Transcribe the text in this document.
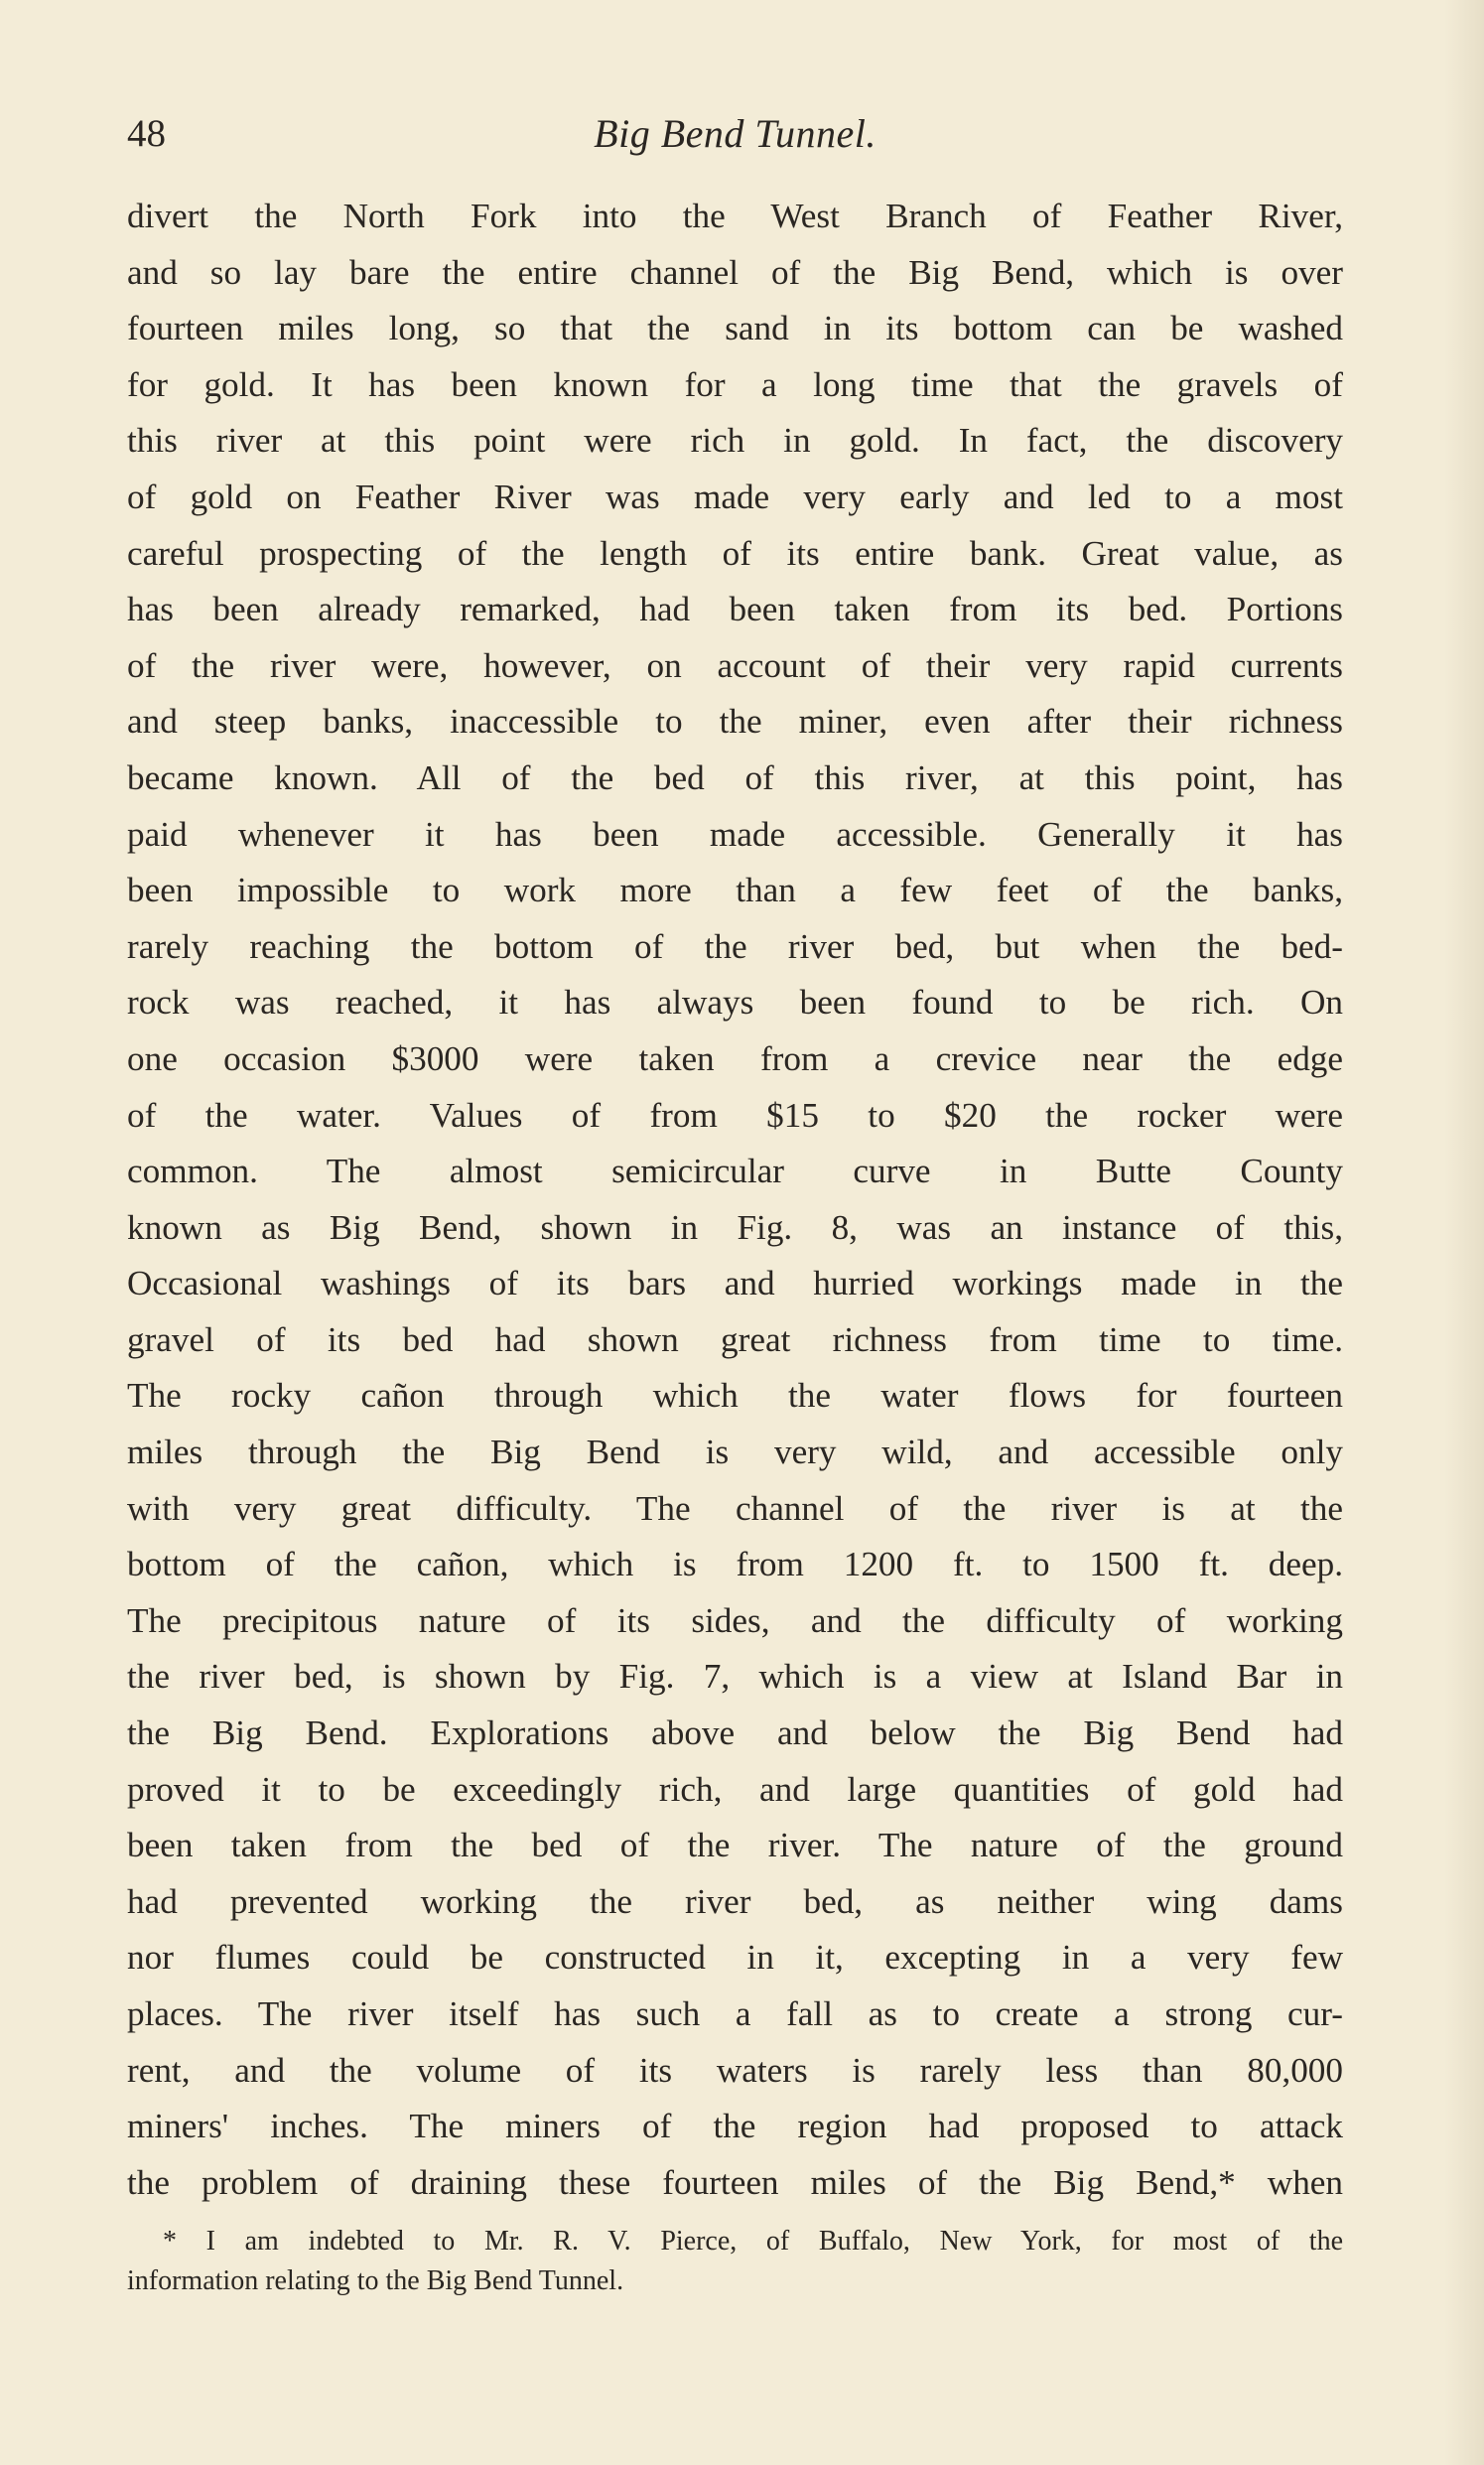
48	Big Bend Tunnel.
divert the North Fork into the West Branch of Feather River,
and so lay bare the entire channel of the Big Bend, which is over
fourteen miles long, so that the sand in its bottom can be washed
for gold. It has been known for a long time that the gravels of
this river at this point were rich in gold. In fact, the discovery
of gold on Feather River was made very early and led to a most
careful prospecting of the length of its entire bank. Great value, as
has been already remarked, had been taken from its bed. Portions
of the river were, however, on account of their very rapid currents
and steep banks, inaccessible to the miner, even after their richness
became known. All of the bed of this river, at this point, has
paid whenever it has been made accessible. Generally it has
been impossible to work more than a few feet of the banks,
rarely reaching the bottom of the river bed, but when the bed-
rock was reached, it has always been found to be rich. On
one occasion $3000 were taken from a crevice near the edge
of the water. Values of from $15 to $20 the rocker were
common. The almost semicircular curve in Butte County
known as Big Bend, shown in Fig. 8, was an instance of this,
Occasional washings of its bars and hurried workings made in the
gravel of its bed had shown great richness from time to time.
The rocky cañon through which the water flows for fourteen
miles through the Big Bend is very wild, and accessible only
with very great difficulty. The channel of the river is at the
bottom of the cañon, which is from 1200 ft. to 1500 ft. deep.
The precipitous nature of its sides, and the difficulty of working
the river bed, is shown by Fig. 7, which is a view at Island Bar in
the Big Bend. Explorations above and below the Big Bend had
proved it to be exceedingly rich, and large quantities of gold had
been taken from the bed of the river. The nature of the ground
had prevented working the river bed, as neither wing dams
nor flumes could be constructed in it, excepting in a very few
places. The river itself has such a fall as to create a strong cur-
rent, and the volume of its waters is rarely less than 80,000
miners' inches. The miners of the region had proposed to attack
the problem of draining these fourteen miles of the Big Bend,* when
* I am indebted to Mr. R. V. Pierce, of Buffalo, New York, for most of the
information relating to the Big Bend Tunnel.
